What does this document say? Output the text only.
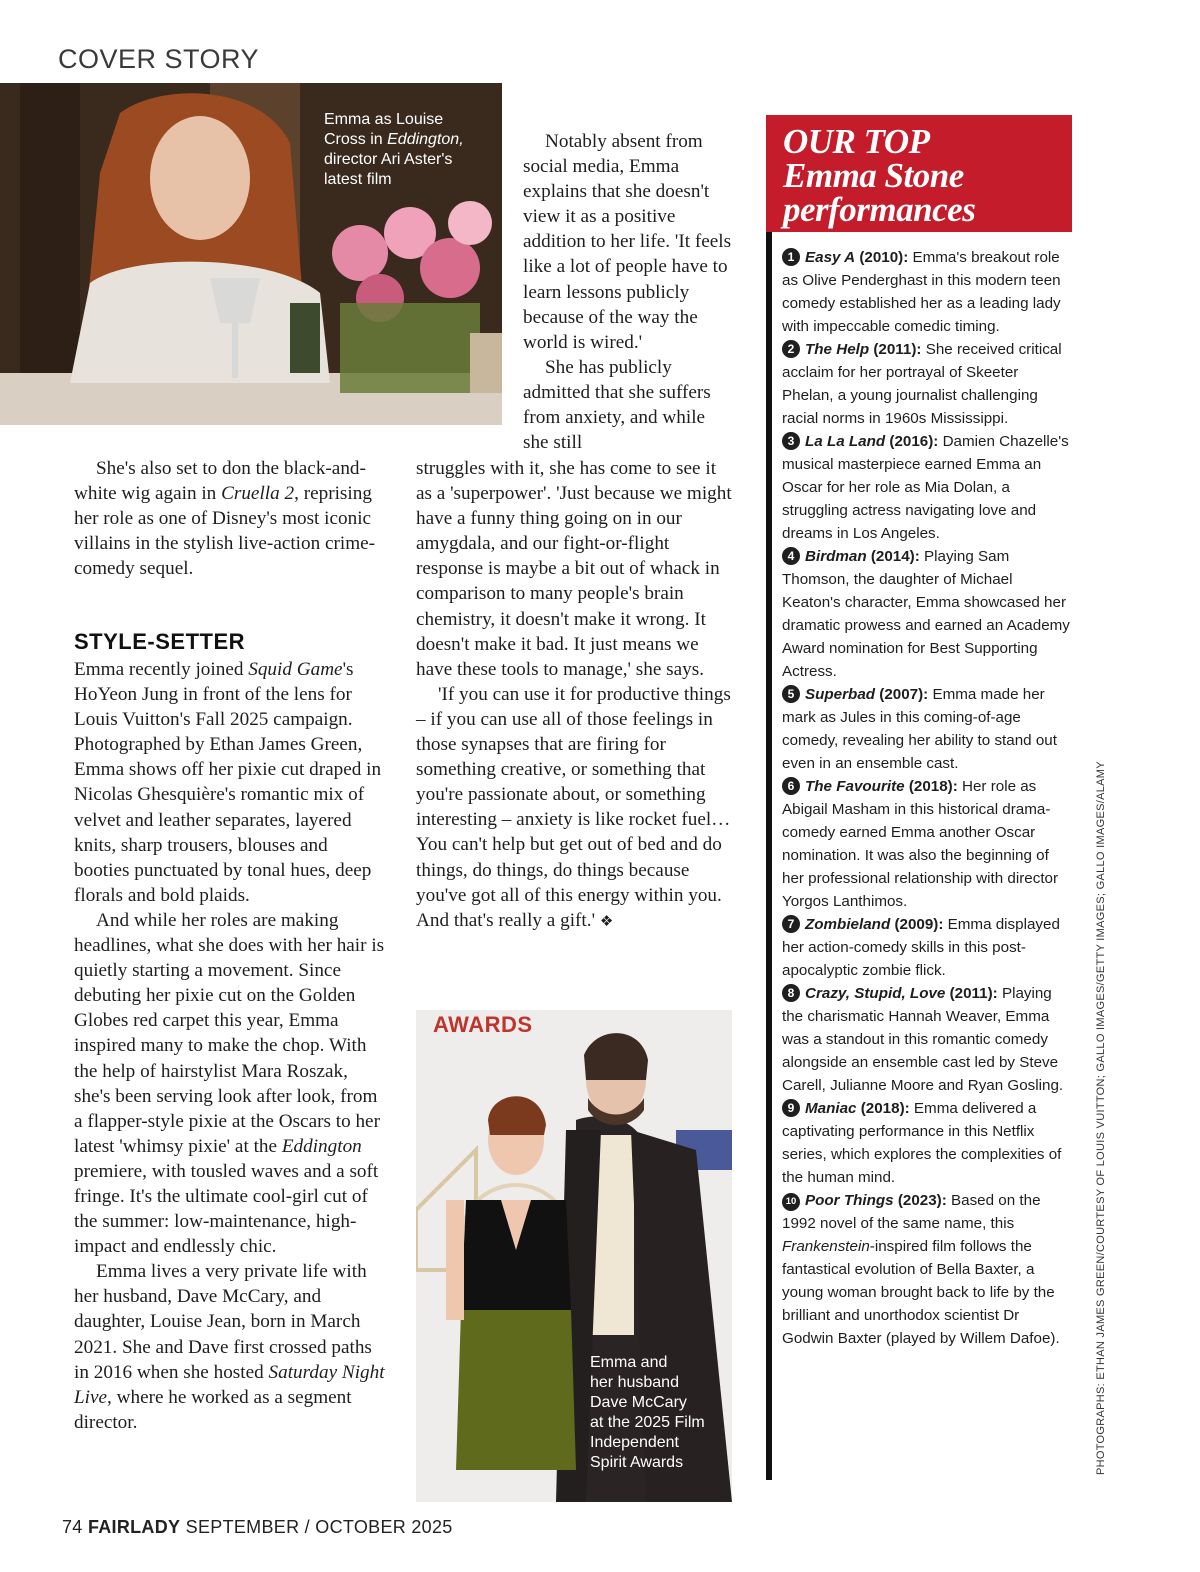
COVER STORY
Emma as Louise
Cross in Eddington,
director Ari Aster's
latest film

Notably absent from social media, Emma explains that she doesn't view it as a positive addition to her life. 'It feels like a lot of people have to learn lessons publicly because of the way the world is wired.'

She has publicly admitted that she suffers from anxiety, and while she still

She's also set to don the black-and-white wig again in Cruella 2, reprising her role as one of Disney's most iconic villains in the stylish live-action crime-comedy sequel.

STYLE-SETTER

Emma recently joined Squid Game's HoYeon Jung in front of the lens for Louis Vuitton's Fall 2025 campaign. Photographed by Ethan James Green, Emma shows off her pixie cut draped in Nicolas Ghesquière's romantic mix of velvet and leather separates, layered knits, sharp trousers, blouses and booties punctuated by tonal hues, deep florals and bold plaids.

And while her roles are making headlines, what she does with her hair is quietly starting a movement. Since debuting her pixie cut on the Golden Globes red carpet this year, Emma inspired many to make the chop. With the help of hairstylist Mara Roszak, she's been serving look after look, from a flapper-style pixie at the Oscars to her latest 'whimsy pixie' at the Eddington premiere, with tousled waves and a soft fringe. It's the ultimate cool-girl cut of the summer: low-maintenance, high-impact and endlessly chic.

Emma lives a very private life with her husband, Dave McCary, and daughter, Louise Jean, born in March 2021. She and Dave first crossed paths in 2016 when she hosted Saturday Night Live, where he worked as a segment director.

struggles with it, she has come to see it as a 'superpower'. 'Just because we might have a funny thing going on in our amygdala, and our fight-or-flight response is maybe a bit out of whack in comparison to many people's brain chemistry, it doesn't make it wrong. It doesn't make it bad. It just means we have these tools to manage,' she says.

'If you can use it for productive things – if you can use all of those feelings in those synapses that are firing for something creative, or something that you're passionate about, or something interesting – anxiety is like rocket fuel… You can't help but get out of bed and do things, do things, do things because you've got all of this energy within you. And that's really a gift.' ❖

AWARDS
Emma and
her husband
Dave McCary
at the 2025 Film
Independent
Spirit Awards
OUR TOP
Emma Stone
performances

1 Easy A (2010): Emma's breakout role as Olive Penderghast in this modern teen comedy established her as a leading lady with impeccable comedic timing.

2 The Help (2011): She received critical acclaim for her portrayal of Skeeter Phelan, a young journalist challenging racial norms in 1960s Mississippi.

3 La La Land (2016): Damien Chazelle's musical masterpiece earned Emma an Oscar for her role as Mia Dolan, a struggling actress navigating love and dreams in Los Angeles.

4 Birdman (2014): Playing Sam Thomson, the daughter of Michael Keaton's character, Emma showcased her dramatic prowess and earned an Academy Award nomination for Best Supporting Actress.

5 Superbad (2007): Emma made her mark as Jules in this coming-of-age comedy, revealing her ability to stand out even in an ensemble cast.

6 The Favourite (2018): Her role as Abigail Masham in this historical drama-comedy earned Emma another Oscar nomination. It was also the beginning of her professional relationship with director Yorgos Lanthimos.

7 Zombieland (2009): Emma displayed her action-comedy skills in this post-apocalyptic zombie flick.

8 Crazy, Stupid, Love (2011): Playing the charismatic Hannah Weaver, Emma was a standout in this romantic comedy alongside an ensemble cast led by Steve Carell, Julianne Moore and Ryan Gosling.

9 Maniac (2018): Emma delivered a captivating performance in this Netflix series, which explores the complexities of the human mind.

10 Poor Things (2023): Based on the 1992 novel of the same name, this Frankenstein-inspired film follows the fantastical evolution of Bella Baxter, a young woman brought back to life by the brilliant and unorthodox scientist Dr Godwin Baxter (played by Willem Dafoe).	PHOTOGRAPHS: ETHAN JAMES GREEN/COURTESY OF LOUIS VUITTON; GALLO IMAGES/GETTY IMAGES; GALLO IMAGES/ALAMY
74 FAIRLADY SEPTEMBER / OCTOBER 2025
